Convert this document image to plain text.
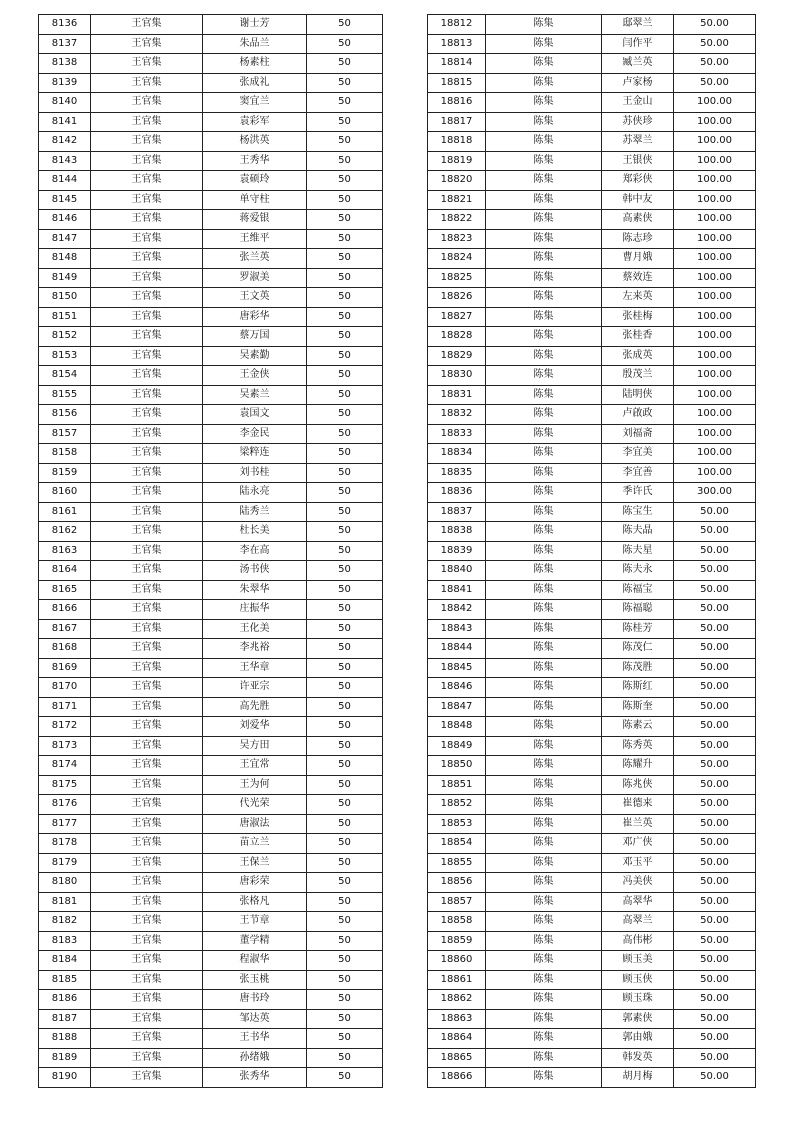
8136	王官集	谢士芳	50
8137	王官集	朱品兰	50
8138	王官集	杨素柱	50
8139	王官集	张成礼	50
8140	王官集	窦宜兰	50
8141	王官集	袁彩军	50
8142	王官集	杨洪英	50
8143	王官集	王秀华	50
8144	王官集	袁硕玲	50
8145	王官集	单守柱	50
8146	王官集	蒋爱银	50
8147	王官集	王维平	50
8148	王官集	张兰英	50
8149	王官集	罗淑美	50
8150	王官集	王文英	50
8151	王官集	唐彩华	50
8152	王官集	蔡万国	50
8153	王官集	吴素勤	50
8154	王官集	王金侠	50
8155	王官集	吴素兰	50
8156	王官集	袁国文	50
8157	王官集	李金民	50
8158	王官集	梁粹连	50
8159	王官集	刘书桂	50
8160	王官集	陆永亮	50
8161	王官集	陆秀兰	50
8162	王官集	杜长美	50
8163	王官集	李在高	50
8164	王官集	汤书侠	50
8165	王官集	朱翠华	50
8166	王官集	庄振华	50
8167	王官集	王化美	50
8168	王官集	李兆裕	50
8169	王官集	王华章	50
8170	王官集	许亚宗	50
8171	王官集	高先胜	50
8172	王官集	刘爱华	50
8173	王官集	吴方田	50
8174	王官集	王宜常	50
8175	王官集	王为何	50
8176	王官集	代光荣	50
8177	王官集	唐淑法	50
8178	王官集	苗立兰	50
8179	王官集	王保兰	50
8180	王官集	唐彩荣	50
8181	王官集	张格凡	50
8182	王官集	王节章	50
8183	王官集	董学精	50
8184	王官集	程淑华	50
8185	王官集	张玉桃	50
8186	王官集	唐书玲	50
8187	王官集	邹达英	50
8188	王官集	王书华	50
8189	王官集	孙绪娥	50
8190	王官集	张秀华	50
18812	陈集	邸翠兰	50.00
18813	陈集	闫作平	50.00
18814	陈集	臧兰英	50.00
18815	陈集	卢家杨	50.00
18816	陈集	王金山	100.00
18817	陈集	苏侠珍	100.00
18818	陈集	苏翠兰	100.00
18819	陈集	王银侠	100.00
18820	陈集	郑彩侠	100.00
18821	陈集	韩中友	100.00
18822	陈集	高素侠	100.00
18823	陈集	陈志珍	100.00
18824	陈集	曹月娥	100.00
18825	陈集	蔡效连	100.00
18826	陈集	左来英	100.00
18827	陈集	张桂梅	100.00
18828	陈集	张桂香	100.00
18829	陈集	张成英	100.00
18830	陈集	殷茂兰	100.00
18831	陈集	陆明侠	100.00
18832	陈集	卢啟政	100.00
18833	陈集	刘福斋	100.00
18834	陈集	李宜美	100.00
18835	陈集	李宜善	100.00
18836	陈集	季许氏	300.00
18837	陈集	陈宝生	50.00
18838	陈集	陈夫晶	50.00
18839	陈集	陈夫星	50.00
18840	陈集	陈夫永	50.00
18841	陈集	陈福宝	50.00
18842	陈集	陈福聪	50.00
18843	陈集	陈桂芳	50.00
18844	陈集	陈茂仁	50.00
18845	陈集	陈茂胜	50.00
18846	陈集	陈斯红	50.00
18847	陈集	陈斯奎	50.00
18848	陈集	陈素云	50.00
18849	陈集	陈秀英	50.00
18850	陈集	陈耀升	50.00
18851	陈集	陈兆侠	50.00
18852	陈集	崔德来	50.00
18853	陈集	崔兰英	50.00
18854	陈集	邓广侠	50.00
18855	陈集	邓玉平	50.00
18856	陈集	冯美侠	50.00
18857	陈集	高翠华	50.00
18858	陈集	高翠兰	50.00
18859	陈集	高伟彬	50.00
18860	陈集	顾玉美	50.00
18861	陈集	顾玉侠	50.00
18862	陈集	顾玉珠	50.00
18863	陈集	郭素侠	50.00
18864	陈集	郭由娥	50.00
18865	陈集	韩发英	50.00
18866	陈集	胡月梅	50.00
